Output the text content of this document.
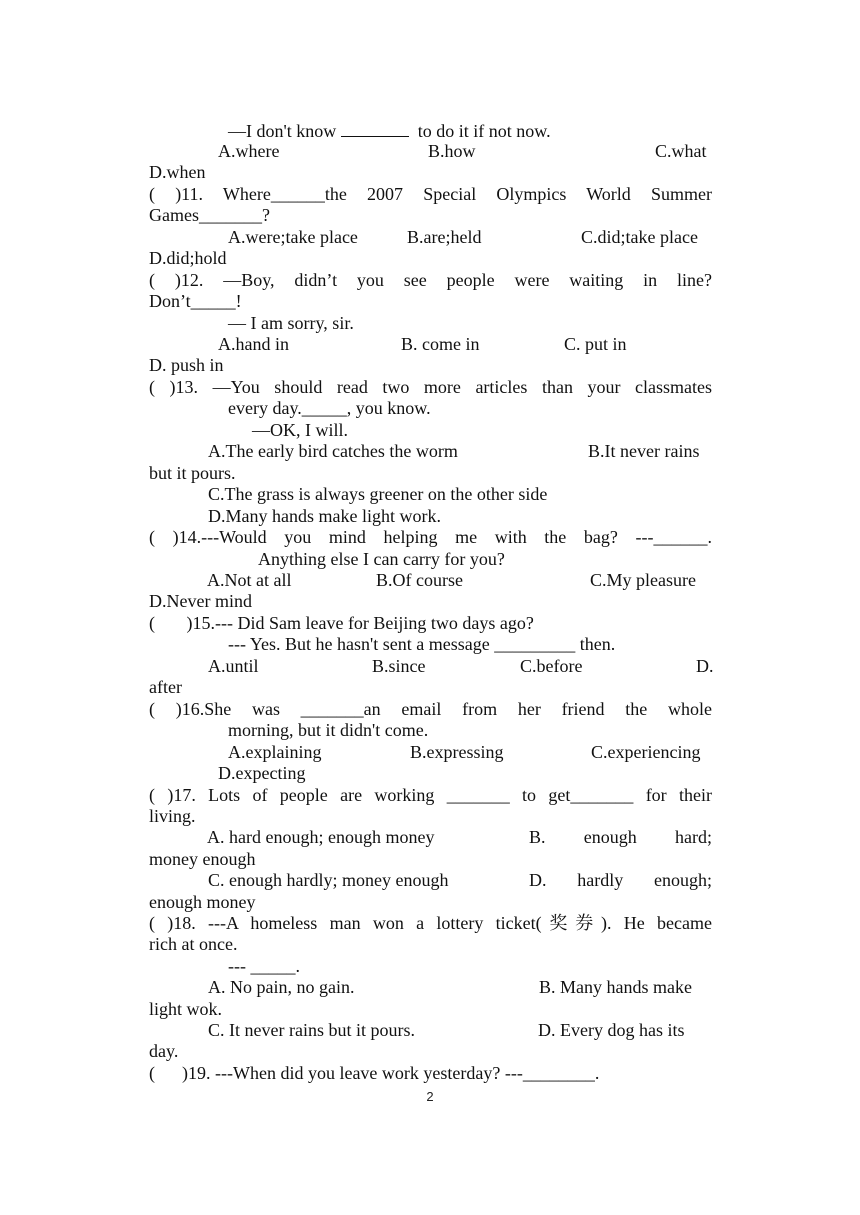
—I don't know	to do it if not now.
A.where	B.how	C.what
D.when
( )11. Where______the 2007 Special Olympics World Summer
Games_______?
A.were;take place	B.are;held	C.did;take place
D.did;hold
( )12. —Boy, didn’t you see people were waiting in line?
Don’t_____!
— I am sorry, sir.
A.hand in	B. come in	C. put in
D. push in
( )13. —You should read two more articles than your classmates
every day._____, you know.
—OK, I will.
A.The early bird catches the worm	B.It never rains
but it pours.
C.The grass is always greener on the other side
D.Many hands make light work.
( )14.---Would you mind helping me with the bag? ---______.
Anything else I can carry for you?
A.Not at all	B.Of course	C.My pleasure
D.Never mind
(       )15.--- Did Sam leave for Beijing two days ago?
--- Yes. But he hasn't sent a message _________ then.
A.until	B.since	C.before	D.
after
( )16.She was _______an email from her friend the whole
morning, but it didn't come.
A.explaining	B.expressing	C.experiencing
D.expecting
( )17. Lots of people are working _______ to get_______ for their
living.
A. hard enough; enough money	B. enough hard;
money enough
C. enough hardly; money enough	D. hardly enough;
enough money
( )18. ---A homeless man won a lottery ticket(奖券). He became
rich at once.
--- _____.
A. No pain, no gain.	B. Many hands make
light wok.
C. It never rains but it pours.	D. Every dog has its
day.
(      )19. ---When did you leave work yesterday? ---________.
2
